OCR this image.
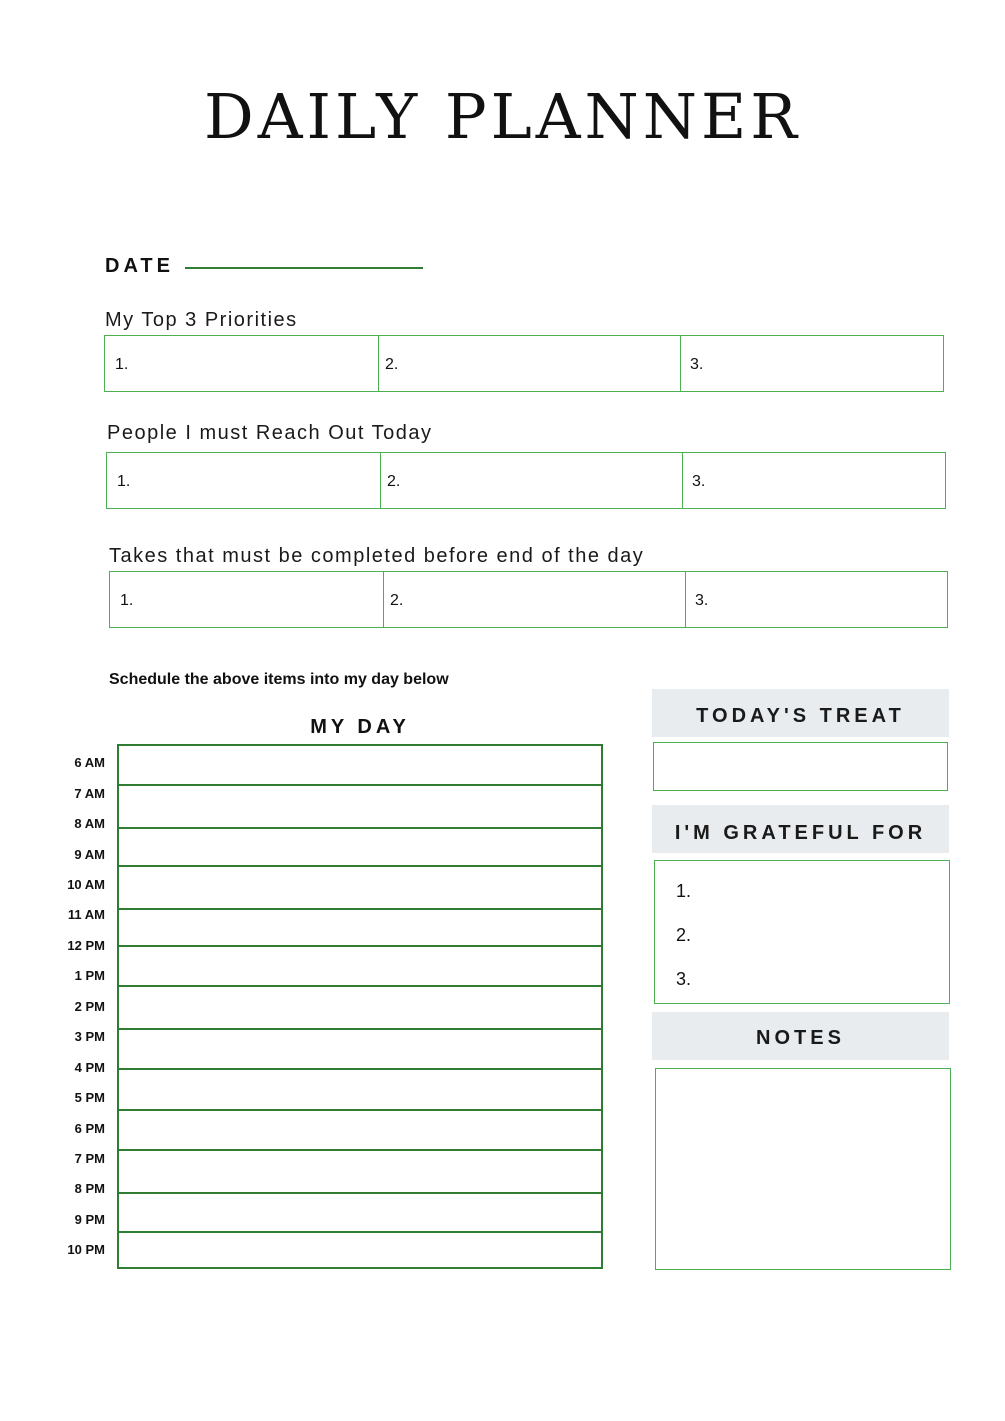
DAILY PLANNER
DATE
My Top 3 Priorities
1.	2.	3.
People I must Reach Out Today
1.	2.	3.
Takes that must be completed before end of the day
1.	2.	3.
Schedule the above items into my day below
MY DAY
6 AM
7 AM
8 AM
9 AM
10 AM
11 AM
12 PM
1 PM
2 PM
3 PM
4 PM
5 PM
6 PM
7 PM
8 PM
9 PM
10 PM
TODAY'S TREAT
I'M GRATEFUL FOR
1.
2.
3.
NOTES
